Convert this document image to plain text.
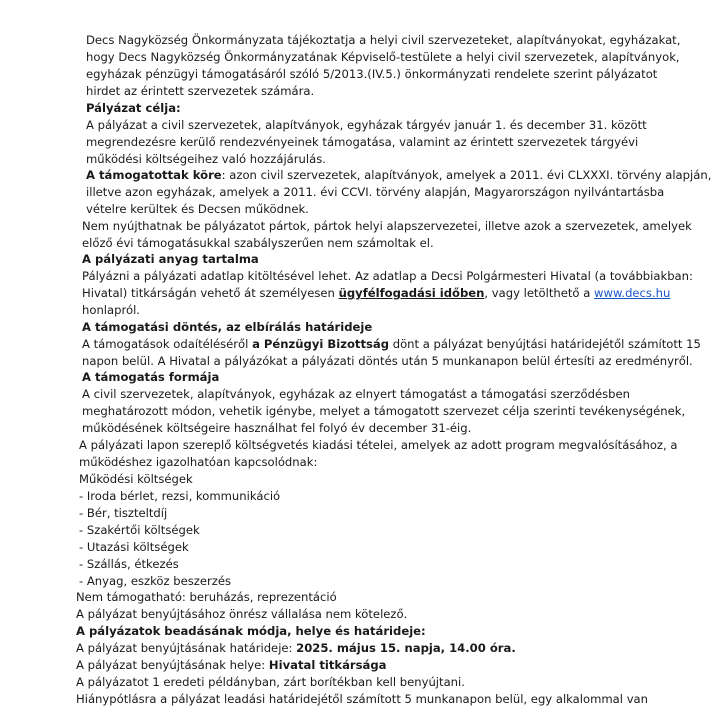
Decs Nagyközség Önkormányzata tájékoztatja a helyi civil szervezeteket, alapítványokat, egyházakat,
hogy Decs Nagyközség Önkormányzatának Képviselő-testülete a helyi civil szervezetek, alapítványok,
egyházak pénzügyi támogatásáról szóló 5/2013.(IV.5.) önkormányzati rendelete szerint pályázatot
hirdet az érintett szervezetek számára.
Pályázat célja:
A pályázat a civil szervezetek, alapítványok, egyházak tárgyév január 1. és december 31. között
megrendezésre kerülő rendezvényeinek támogatása, valamint az érintett szervezetek tárgyévi
működési költségeihez való hozzájárulás.
A támogatottak köre: azon civil szervezetek, alapítványok, amelyek a 2011. évi CLXXXI. törvény alapján,
illetve azon egyházak, amelyek a 2011. évi CCVI. törvény alapján, Magyarországon nyilvántartásba
vételre kerültek és Decsen működnek.
Nem nyújthatnak be pályázatot pártok, pártok helyi alapszervezetei, illetve azok a szervezetek, amelyek
előző évi támogatásukkal szabályszerűen nem számoltak el.
A pályázati anyag tartalma
Pályázni a pályázati adatlap kitöltésével lehet. Az adatlap a Decsi Polgármesteri Hivatal (a továbbiakban:
Hivatal) titkárságán vehető át személyesen ügyfélfogadási időben, vagy letölthető a www.decs.hu
honlapról.
A támogatási döntés, az elbírálás határideje
A támogatások odaítéléséről a Pénzügyi Bizottság dönt a pályázat benyújtási határidejétől számított 15
napon belül. A Hivatal a pályázókat a pályázati döntés után 5 munkanapon belül értesíti az eredményről.
A támogatás formája
A civil szervezetek, alapítványok, egyházak az elnyert támogatást a támogatási szerződésben
meghatározott módon, vehetik igénybe, melyet a támogatott szervezet célja szerinti tevékenységének,
működésének költségeire használhat fel folyó év december 31-éig.
A pályázati lapon szereplő költségvetés kiadási tételei, amelyek az adott program megvalósításához, a
működéshez igazolhatóan kapcsolódnak:
Működési költségek
- Iroda bérlet, rezsi, kommunikáció
- Bér, tiszteltdíj
- Szakértői költségek
- Utazási költségek
- Szállás, étkezés
- Anyag, eszköz beszerzés
Nem támogatható: beruházás, reprezentáció
A pályázat benyújtásához önrész vállalása nem kötelező.
A pályázatok beadásának módja, helye és határideje:
A pályázat benyújtásának határideje: 2025. május 15. napja, 14.00 óra.
A pályázat benyújtásának helye: Hivatal titkársága
A pályázatot 1 eredeti példányban, zárt borítékban kell benyújtani.
Hiánypótlásra a pályázat leadási határidejétől számított 5 munkanapon belül, egy alkalommal van
